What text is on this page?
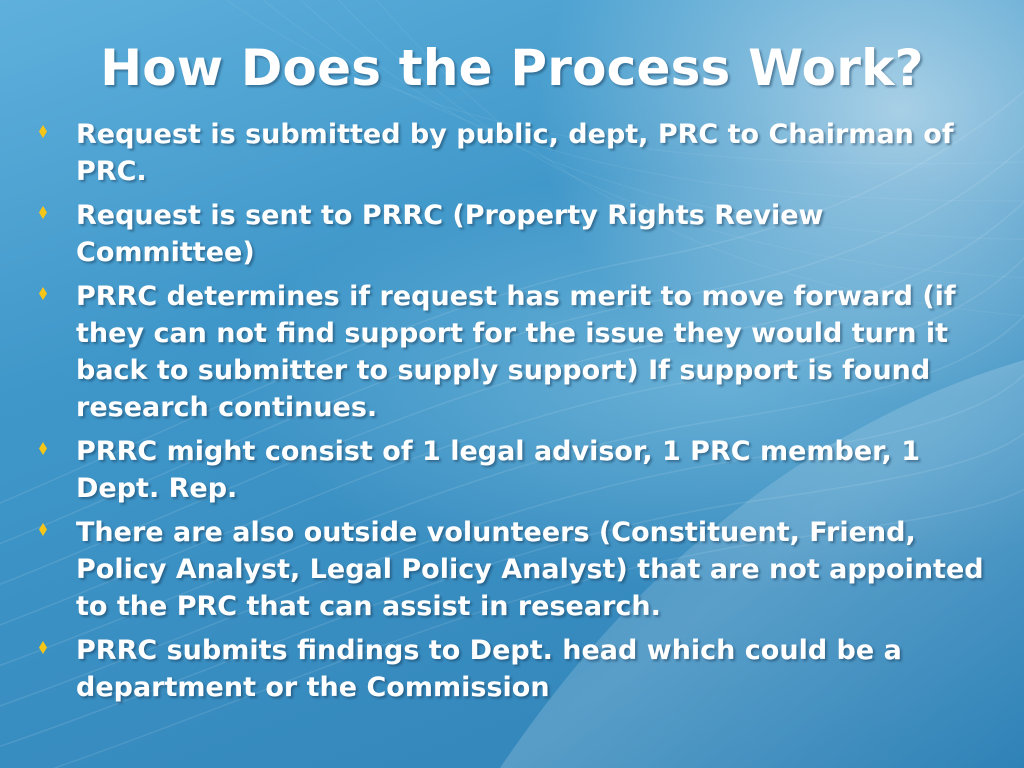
How Does the Process Work?
Request is submitted by public, dept, PRC to Chairman of PRC.
Request is sent to PRRC (Property Rights Review Committee)
PRRC determines if request has merit to move forward (if they can not find support for the issue they would turn it back to submitter to supply support) If support is found research continues.
PRRC might consist of 1 legal advisor, 1 PRC member, 1 Dept. Rep.
There are also outside volunteers (Constituent, Friend, Policy Analyst, Legal Policy Analyst) that are not appointed to the PRC that can assist in research.
PRRC submits findings to Dept. head which could be a department or the Commission
